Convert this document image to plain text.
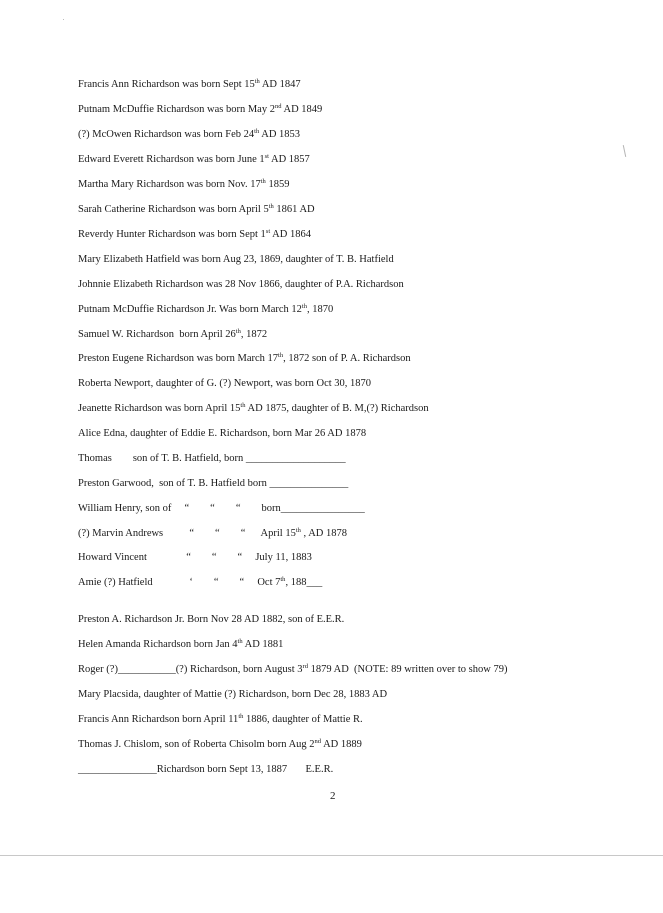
Francis Ann Richardson was born Sept 15th AD 1847
Putnam McDuffie Richardson was born May 2nd AD 1849
(?) McOwen Richardson was born Feb 24th AD 1853
Edward Everett Richardson was born June 1st AD 1857
Martha Mary Richardson was born Nov. 17th 1859
Sarah Catherine Richardson was born April 5th 1861 AD
Reverdy Hunter Richardson was born Sept 1st AD 1864
Mary Elizabeth Hatfield was born Aug 23, 1869, daughter of T. B. Hatfield
Johnnie Elizabeth Richardson was 28 Nov 1866, daughter of P.A. Richardson
Putnam McDuffie Richardson Jr. Was born March 12th, 1870
Samuel W. Richardson  born April 26th, 1872
Preston Eugene Richardson was born March 17th, 1872 son of P. A. Richardson
Roberta Newport, daughter of G. (?) Newport, was born Oct 30, 1870
Jeanette Richardson was born April 15th AD 1875, daughter of B. M,(?) Richardson
Alice Edna, daughter of Eddie E. Richardson, born Mar 26 AD 1878
Thomas        son of T. B. Hatfield, born ___________________
Preston Garwood,  son of T. B. Hatfield born _______________
William Henry, son of     “        “        “        born________________
(?) Marvin Andrews          “        “        “      April 15th , AD 1878
Howard Vincent               “        “        “     July 11, 1883
Amie (?) Hatfield              ‘        “        “     Oct 7th, 188___
Preston A. Richardson Jr. Born Nov 28 AD 1882, son of E.E.R.
Helen Amanda Richardson born Jan 4th AD 1881
Roger (?)___________(?) Richardson, born August 3rd 1879 AD  (NOTE: 89 written over to show 79)
Mary Placsida, daughter of Mattie (?) Richardson, born Dec 28, 1883 AD
Francis Ann Richardson born April 11th 1886, daughter of Mattie R.
Thomas J. Chislom, son of Roberta Chisolm born Aug 2nd AD 1889
_______________Richardson born Sept 13, 1887       E.E.R.
2
